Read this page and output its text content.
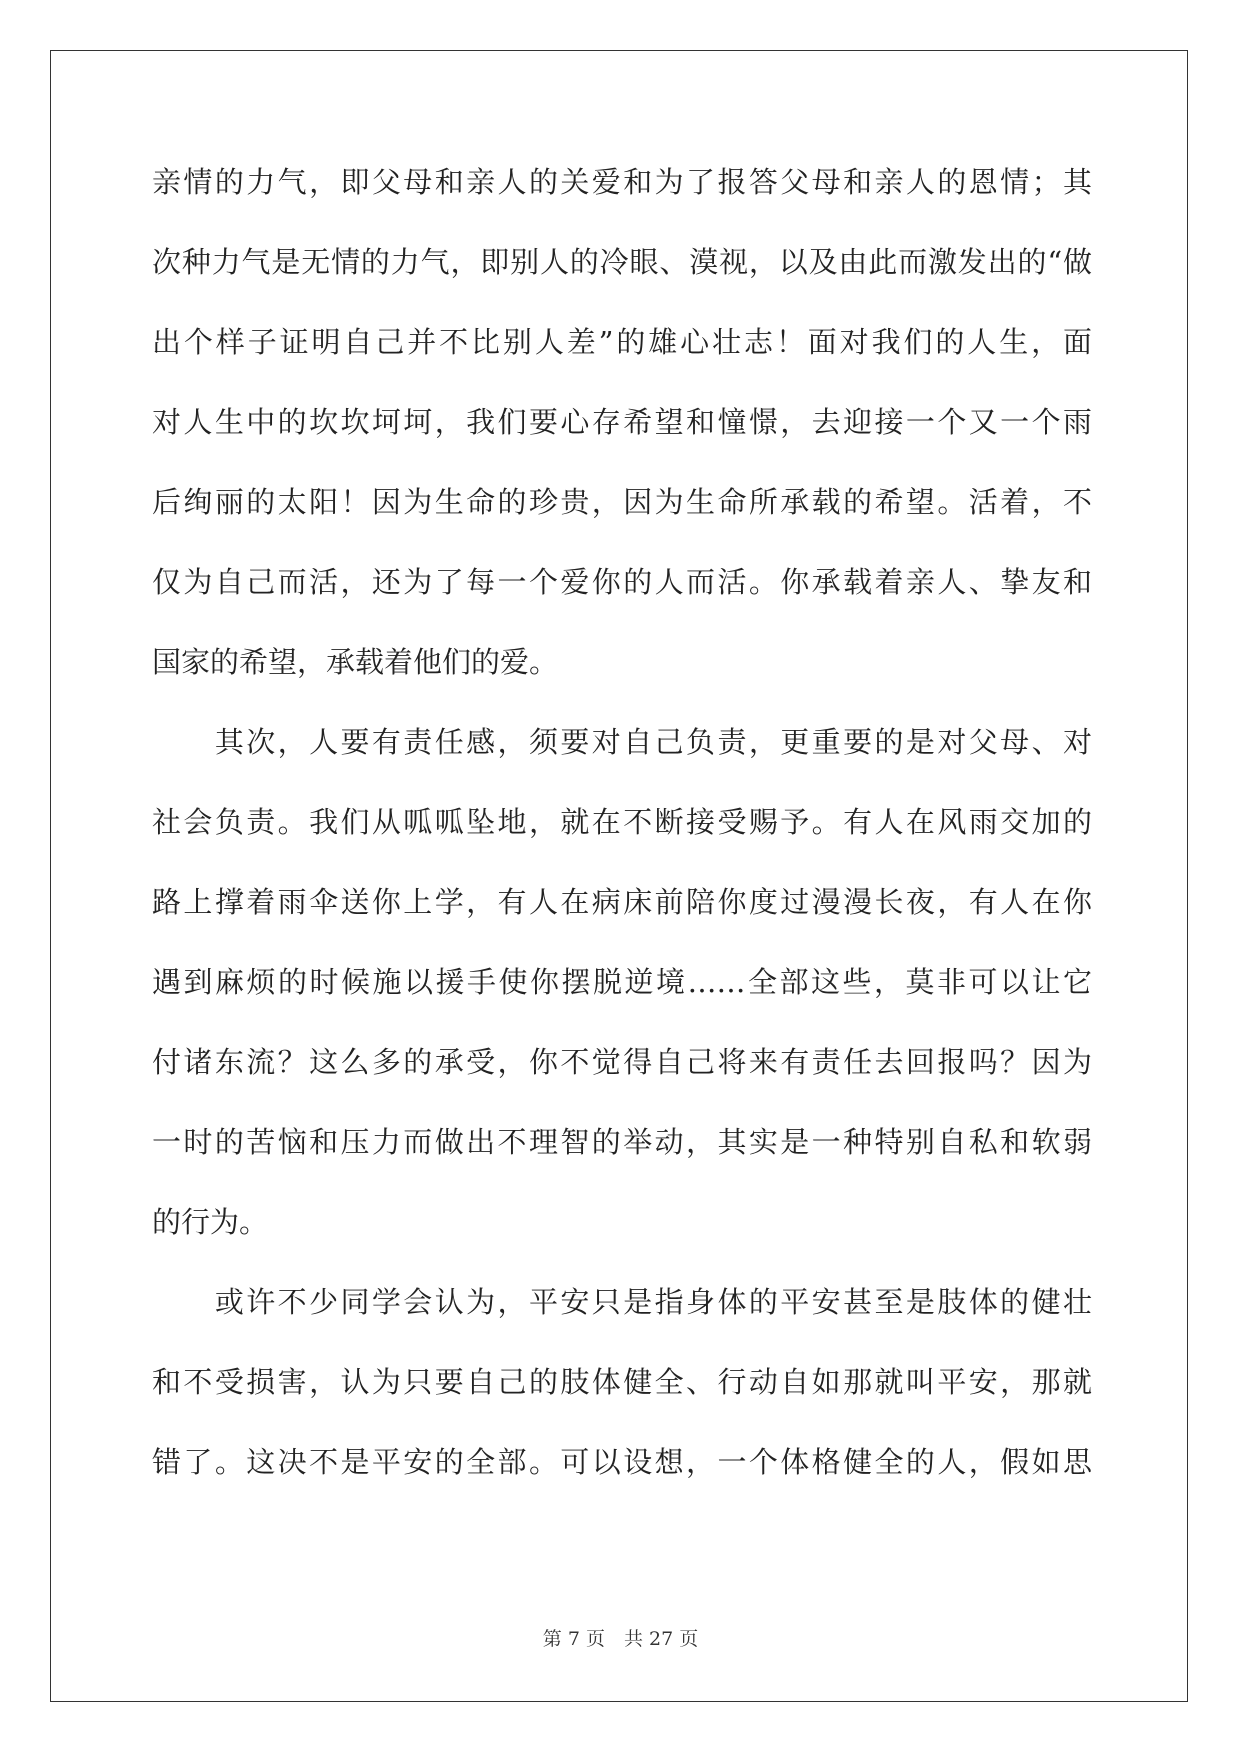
亲情的力气，即父母和亲人的关爱和为了报答父母和亲人的恩情；其
次种力气是无情的力气，即别人的冷眼、漠视，以及由此而激发出的“做
出个样子证明自己并不比别人差”的雄心壮志！面对我们的人生，面
对人生中的坎坎坷坷，我们要心存希望和憧憬，去迎接一个又一个雨
后绚丽的太阳！因为生命的珍贵，因为生命所承载的希望。活着，不
仅为自己而活，还为了每一个爱你的人而活。你承载着亲人、挚友和
国家的希望，承载着他们的爱。
　　其次，人要有责任感，须要对自己负责，更重要的是对父母、对
社会负责。我们从呱呱坠地，就在不断接受赐予。有人在风雨交加的
路上撑着雨伞送你上学，有人在病床前陪你度过漫漫长夜，有人在你
遇到麻烦的时候施以援手使你摆脱逆境……全部这些，莫非可以让它
付诸东流？这么多的承受，你不觉得自己将来有责任去回报吗？因为
一时的苦恼和压力而做出不理智的举动，其实是一种特别自私和软弱
的行为。
　　或许不少同学会认为，平安只是指身体的平安甚至是肢体的健壮
和不受损害，认为只要自己的肢体健全、行动自如那就叫平安，那就
错了。这决不是平安的全部。可以设想，一个体格健全的人，假如思
第 7 页　共 27 页
